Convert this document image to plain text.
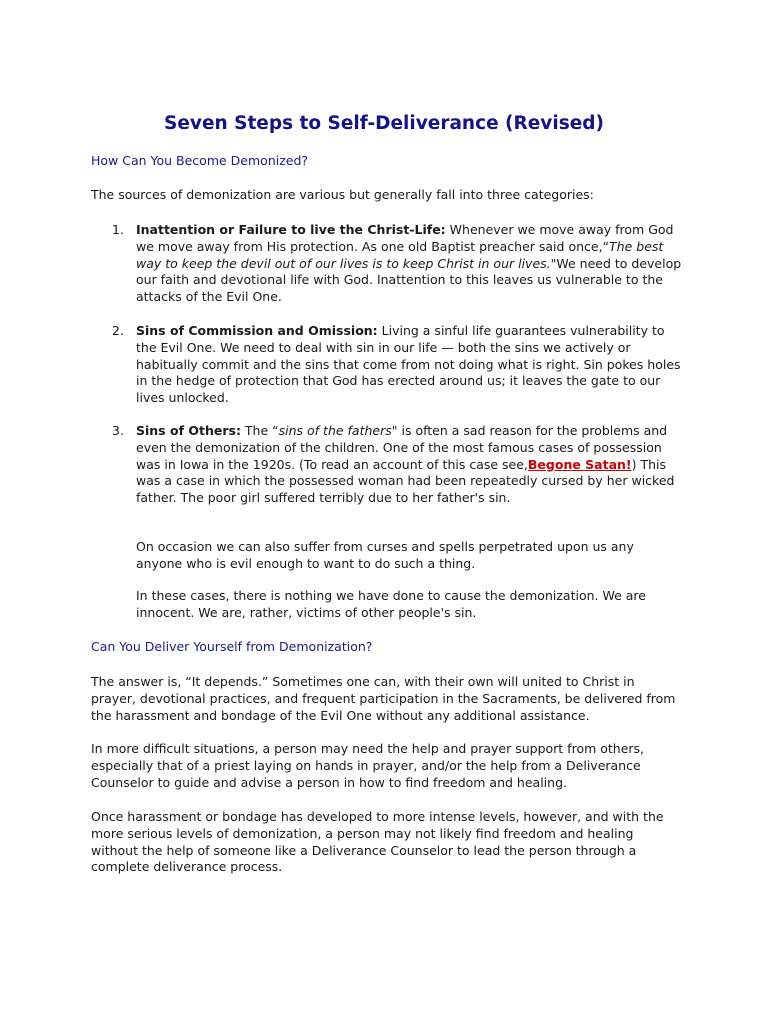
Seven Steps to Self-Deliverance (Revised)
How Can You Become Demonized?

The sources of demonization are various but generally fall into three categories:

1. Inattention or Failure to live the Christ-Life: Whenever we move away from God we move away from His protection. As one old Baptist preacher said once,“The best way to keep the devil out of our lives is to keep Christ in our lives."We need to develop our faith and devotional life with God. Inattention to this leaves us vulnerable to the attacks of the Evil One.
2. Sins of Commission and Omission: Living a sinful life guarantees vulnerability to the Evil One. We need to deal with sin in our life — both the sins we actively or habitually commit and the sins that come from not doing what is right. Sin pokes holes in the hedge of protection that God has erected around us; it leaves the gate to our lives unlocked.
3. Sins of Others: The “sins of the fathers" is often a sad reason for the problems and even the demonization of the children. One of the most famous cases of possession was in Iowa in the 1920s. (To read an account of this case see,Begone Satan!) This was a case in which the possessed woman had been repeatedly cursed by her wicked father. The poor girl suffered terribly due to her father's sin.

On occasion we can also suffer from curses and spells perpetrated upon us any anyone who is evil enough to want to do such a thing.

In these cases, there is nothing we have done to cause the demonization. We are innocent. We are, rather, victims of other people's sin.

Can You Deliver Yourself from Demonization?

The answer is, “It depends.” Sometimes one can, with their own will united to Christ in prayer, devotional practices, and frequent participation in the Sacraments, be delivered from the harassment and bondage of the Evil One without any additional assistance.

In more difficult situations, a person may need the help and prayer support from others, especially that of a priest laying on hands in prayer, and/or the help from a Deliverance Counselor to guide and advise a person in how to find freedom and healing.

Once harassment or bondage has developed to more intense levels, however, and with the more serious levels of demonization, a person may not likely find freedom and healing without the help of someone like a Deliverance Counselor to lead the person through a complete deliverance process.
